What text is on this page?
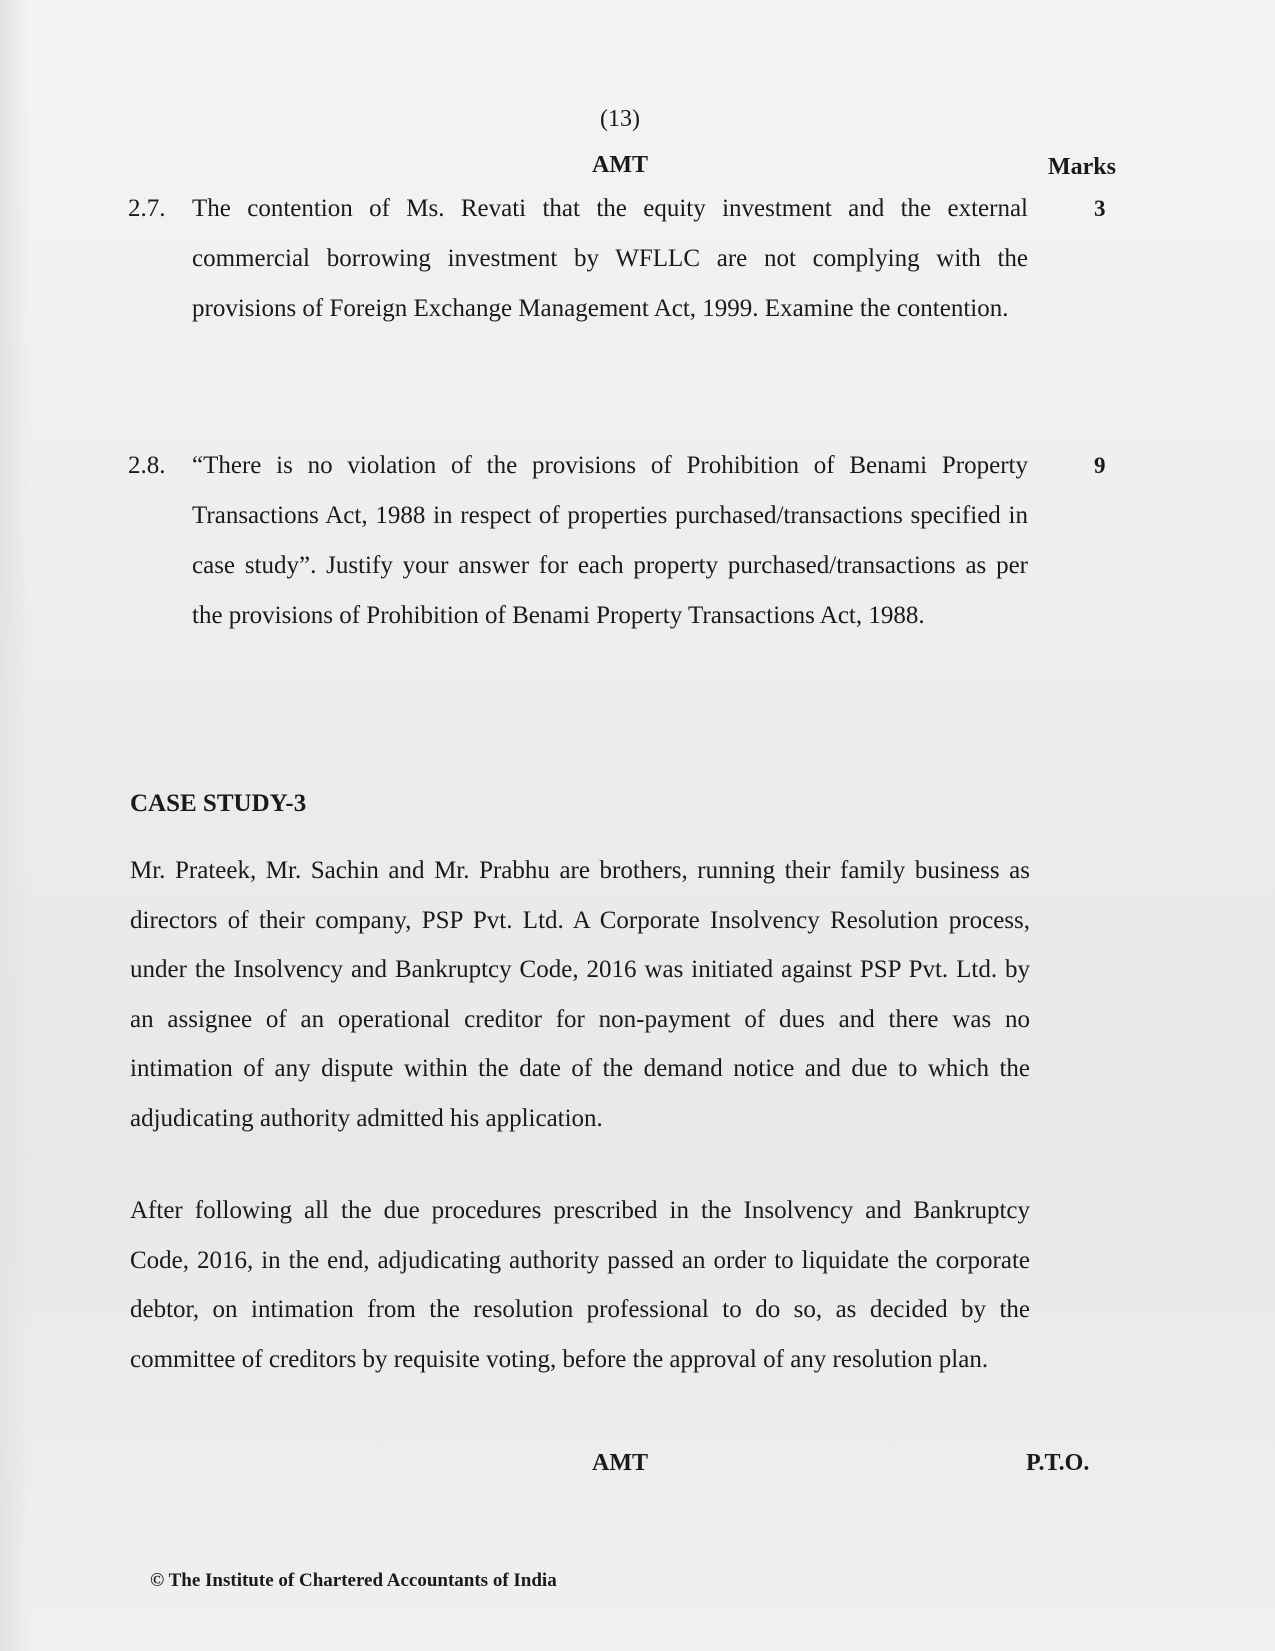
(13)
AMT	Marks
2.7. The contention of Ms. Revati that the equity investment and the external commercial borrowing investment by WFLLC are not complying with the provisions of Foreign Exchange Management Act, 1999. Examine the contention.
3
2.8. “There is no violation of the provisions of Prohibition of Benami Property Transactions Act, 1988 in respect of properties purchased/transactions specified in case study”. Justify your answer for each property purchased/transactions as per the provisions of Prohibition of Benami Property Transactions Act, 1988.
9
CASE STUDY-3
Mr. Prateek, Mr. Sachin and Mr. Prabhu are brothers, running their family business as directors of their company, PSP Pvt. Ltd. A Corporate Insolvency Resolution process, under the Insolvency and Bankruptcy Code, 2016 was initiated against PSP Pvt. Ltd. by an assignee of an operational creditor for non-payment of dues and there was no intimation of any dispute within the date of the demand notice and due to which the adjudicating authority admitted his application.
After following all the due procedures prescribed in the Insolvency and Bankruptcy Code, 2016, in the end, adjudicating authority passed an order to liquidate the corporate debtor, on intimation from the resolution professional to do so, as decided by the committee of creditors by requisite voting, before the approval of any resolution plan.
AMT	P.T.O.
© The Institute of Chartered Accountants of India
